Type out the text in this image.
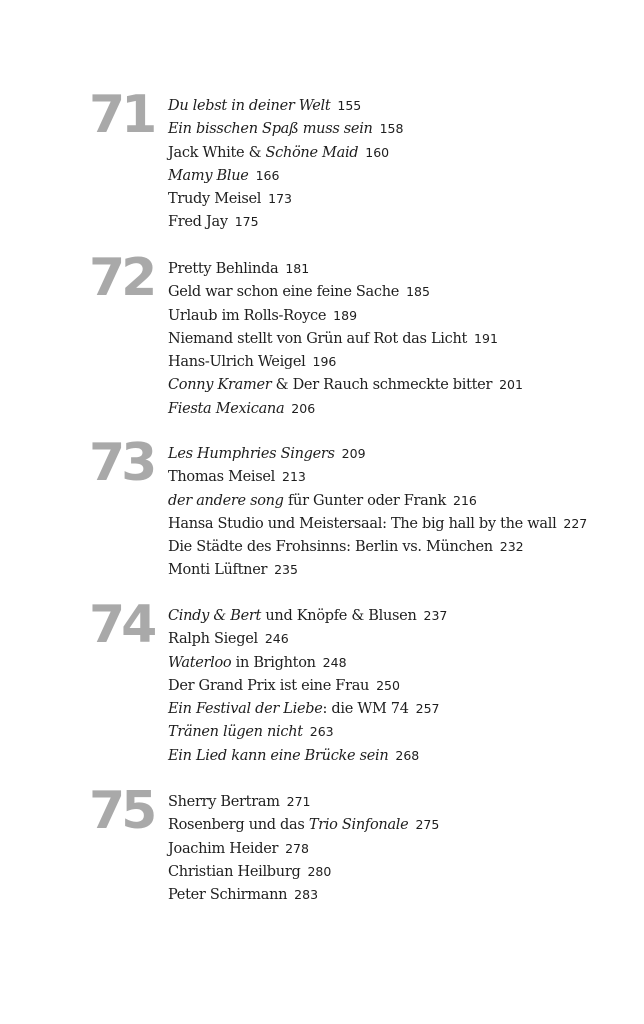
71 Du lebst in deiner Welt 155
Ein bisschen Spaß muss sein 158
Jack White & Schöne Maid 160
Mamy Blue 166
Trudy Meisel 173
Fred Jay 175
72 Pretty Behlinda 181
Geld war schon eine feine Sache 185
Urlaub im Rolls-Royce 189
Niemand stellt von Grün auf Rot das Licht 191
Hans-Ulrich Weigel 196
Conny Kramer & Der Rauch schmeckte bitter 201
Fiesta Mexicana 206
73 Les Humphries Singers 209
Thomas Meisel 213
der andere song für Gunter oder Frank 216
Hansa Studio und Meistersaal: The big hall by the wall 227
Die Städte des Frohsinns: Berlin vs. München 232
Monti Lüftner 235
74 Cindy & Bert und Knöpfe & Blusen 237
Ralph Siegel 246
Waterloo in Brighton 248
Der Grand Prix ist eine Frau 250
Ein Festival der Liebe: die WM 74 257
Tränen lügen nicht 263
Ein Lied kann eine Brücke sein 268
75 Sherry Bertram 271
Rosenberg und das Trio Sinfonale 275
Joachim Heider 278
Christian Heilburg 280
Peter Schirmann 283
